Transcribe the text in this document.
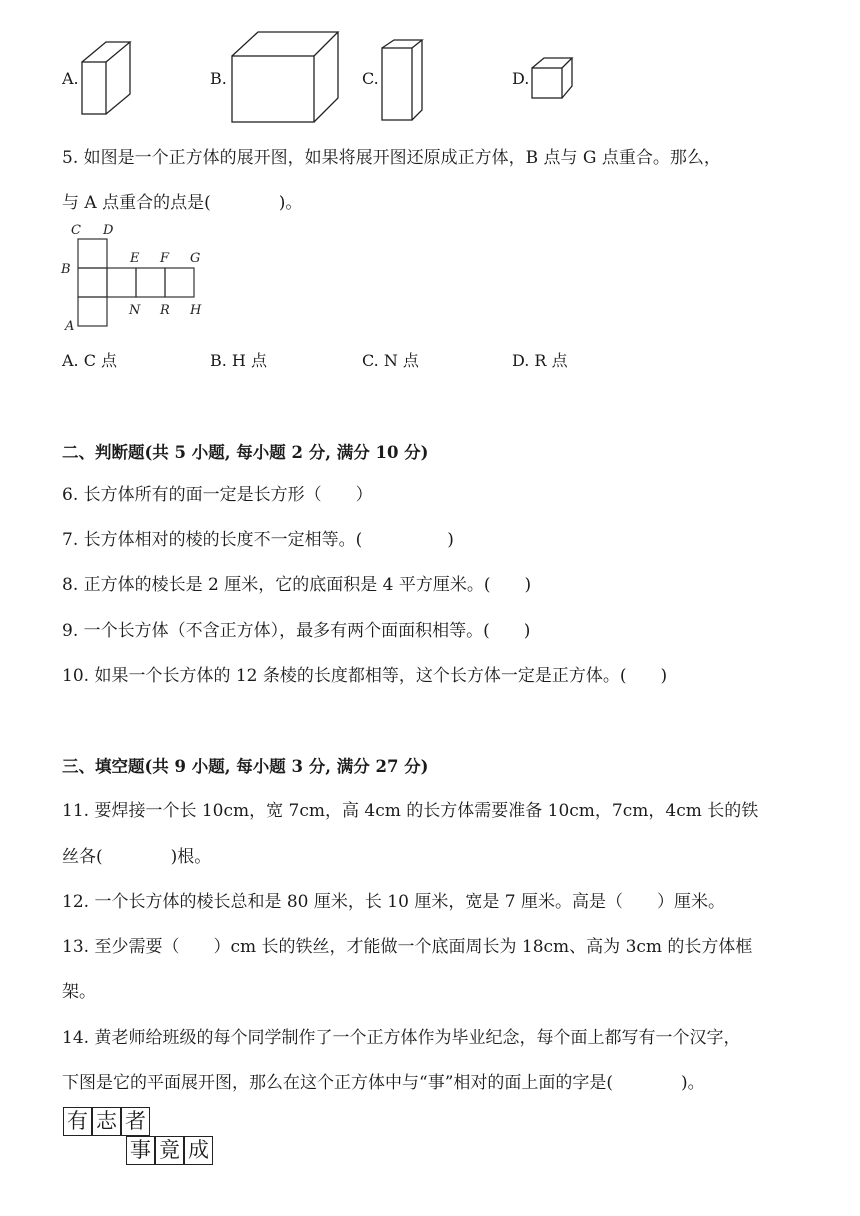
A.	B.	C.	D.
5. 如图是一个正方体的展开图，如果将展开图还原成正方体，B 点与 G 点重合。那么，
与 A 点重合的点是(　　　　)。
C D
B
E F G
N R H
A
A. C 点	B. H 点	C. N 点	D. R 点
二、判断题(共 5 小题, 每小题 2 分, 满分 10 分)
6. 长方体所有的面一定是长方形（　　）
7. 长方体相对的棱的长度不一定相等。(　　　　　)
8. 正方体的棱长是 2 厘米，它的底面积是 4 平方厘米。(　　)
9. 一个长方体（不含正方体），最多有两个面面积相等。(　　)
10. 如果一个长方体的 12 条棱的长度都相等，这个长方体一定是正方体。(　　)
三、填空题(共 9 小题, 每小题 3 分, 满分 27 分)
11. 要焊接一个长 10cm，宽 7cm，高 4cm 的长方体需要准备 10cm，7cm，4cm 长的铁
丝各(　　　　)根。
12. 一个长方体的棱长总和是 80 厘米，长 10 厘米，宽是 7 厘米。高是（　　）厘米。
13. 至少需要（　　）cm 长的铁丝，才能做一个底面周长为 18cm、高为 3cm 的长方体框
架。
14. 黄老师给班级的每个同学制作了一个正方体作为毕业纪念，每个面上都写有一个汉字，
下图是它的平面展开图，那么在这个正方体中与“事”相对的面上面的字是(　　　　)。
有 志 者
事 竟 成
